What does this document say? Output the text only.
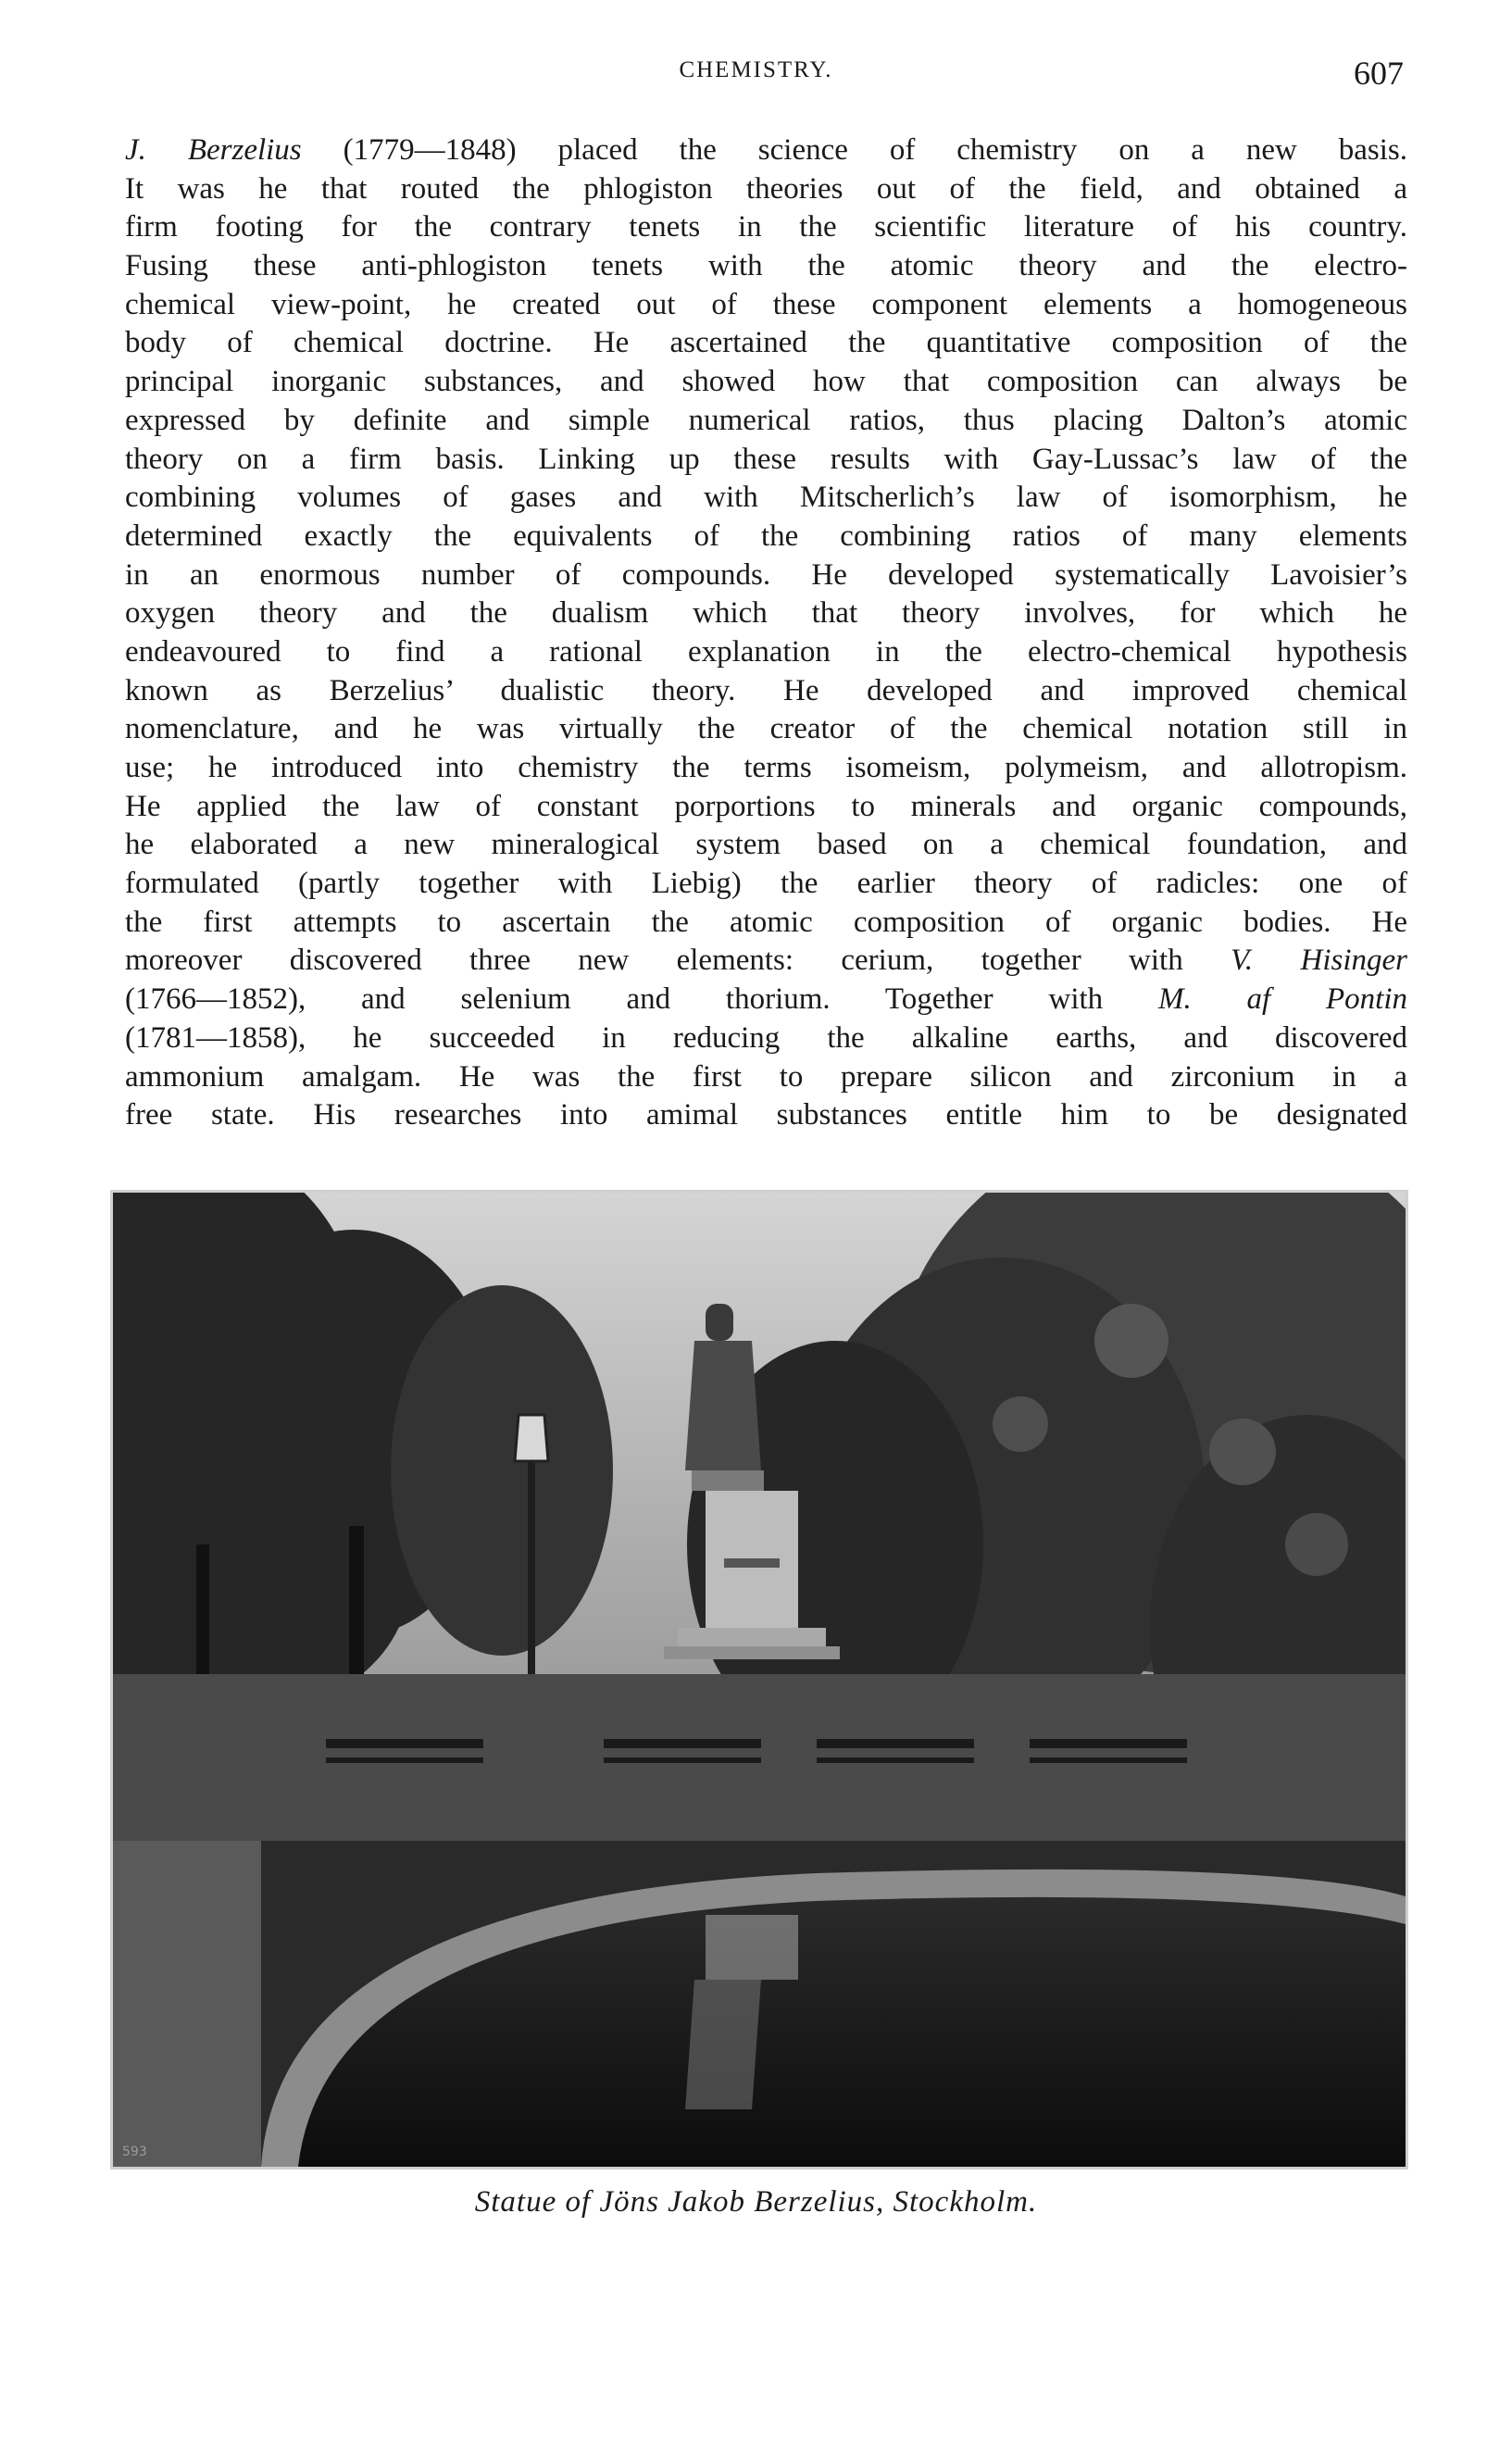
CHEMISTRY.	607
J. Berzelius (1779—1848) placed the science of chemistry on a new basis.
It was he that routed the phlogiston theories out of the field, and obtained a
firm footing for the contrary tenets in the scientific literature of his country.
Fusing these anti-phlogiston tenets with the atomic theory and the electro-
chemical view-point, he created out of these component elements a homogeneous
body of chemical doctrine. He ascertained the quantitative composition of the
principal inorganic substances, and showed how that composition can always be
expressed by definite and simple numerical ratios, thus placing Dalton’s atomic
theory on a firm basis. Linking up these results with Gay-Lussac’s law of the
combining volumes of gases and with Mitscherlich’s law of isomorphism, he
determined exactly the equivalents of the combining ratios of many elements
in an enormous number of compounds. He developed systematically Lavoisier’s
oxygen theory and the dualism which that theory involves, for which he
endeavoured to find a rational explanation in the electro-chemical hypothesis
known as Berzelius’ dualistic theory. He developed and improved chemical
nomenclature, and he was virtually the creator of the chemical notation still in
use; he introduced into chemistry the terms isomeism, polymeism, and allotropism.
He applied the law of constant porportions to minerals and organic compounds,
he elaborated a new mineralogical system based on a chemical foundation, and
formulated (partly together with Liebig) the earlier theory of radicles: one of
the first attempts to ascertain the atomic composition of organic bodies. He
moreover discovered three new elements: cerium, together with V. Hisinger
(1766—1852), and selenium and thorium. Together with M. af Pontin
(1781—1858), he succeeded in reducing the alkaline earths, and discovered
ammonium amalgam. He was the first to prepare silicon and zirconium in a
free state. His researches into amimal substances entitle him to be designated
593
Statue of Jöns Jakob Berzelius, Stockholm.
